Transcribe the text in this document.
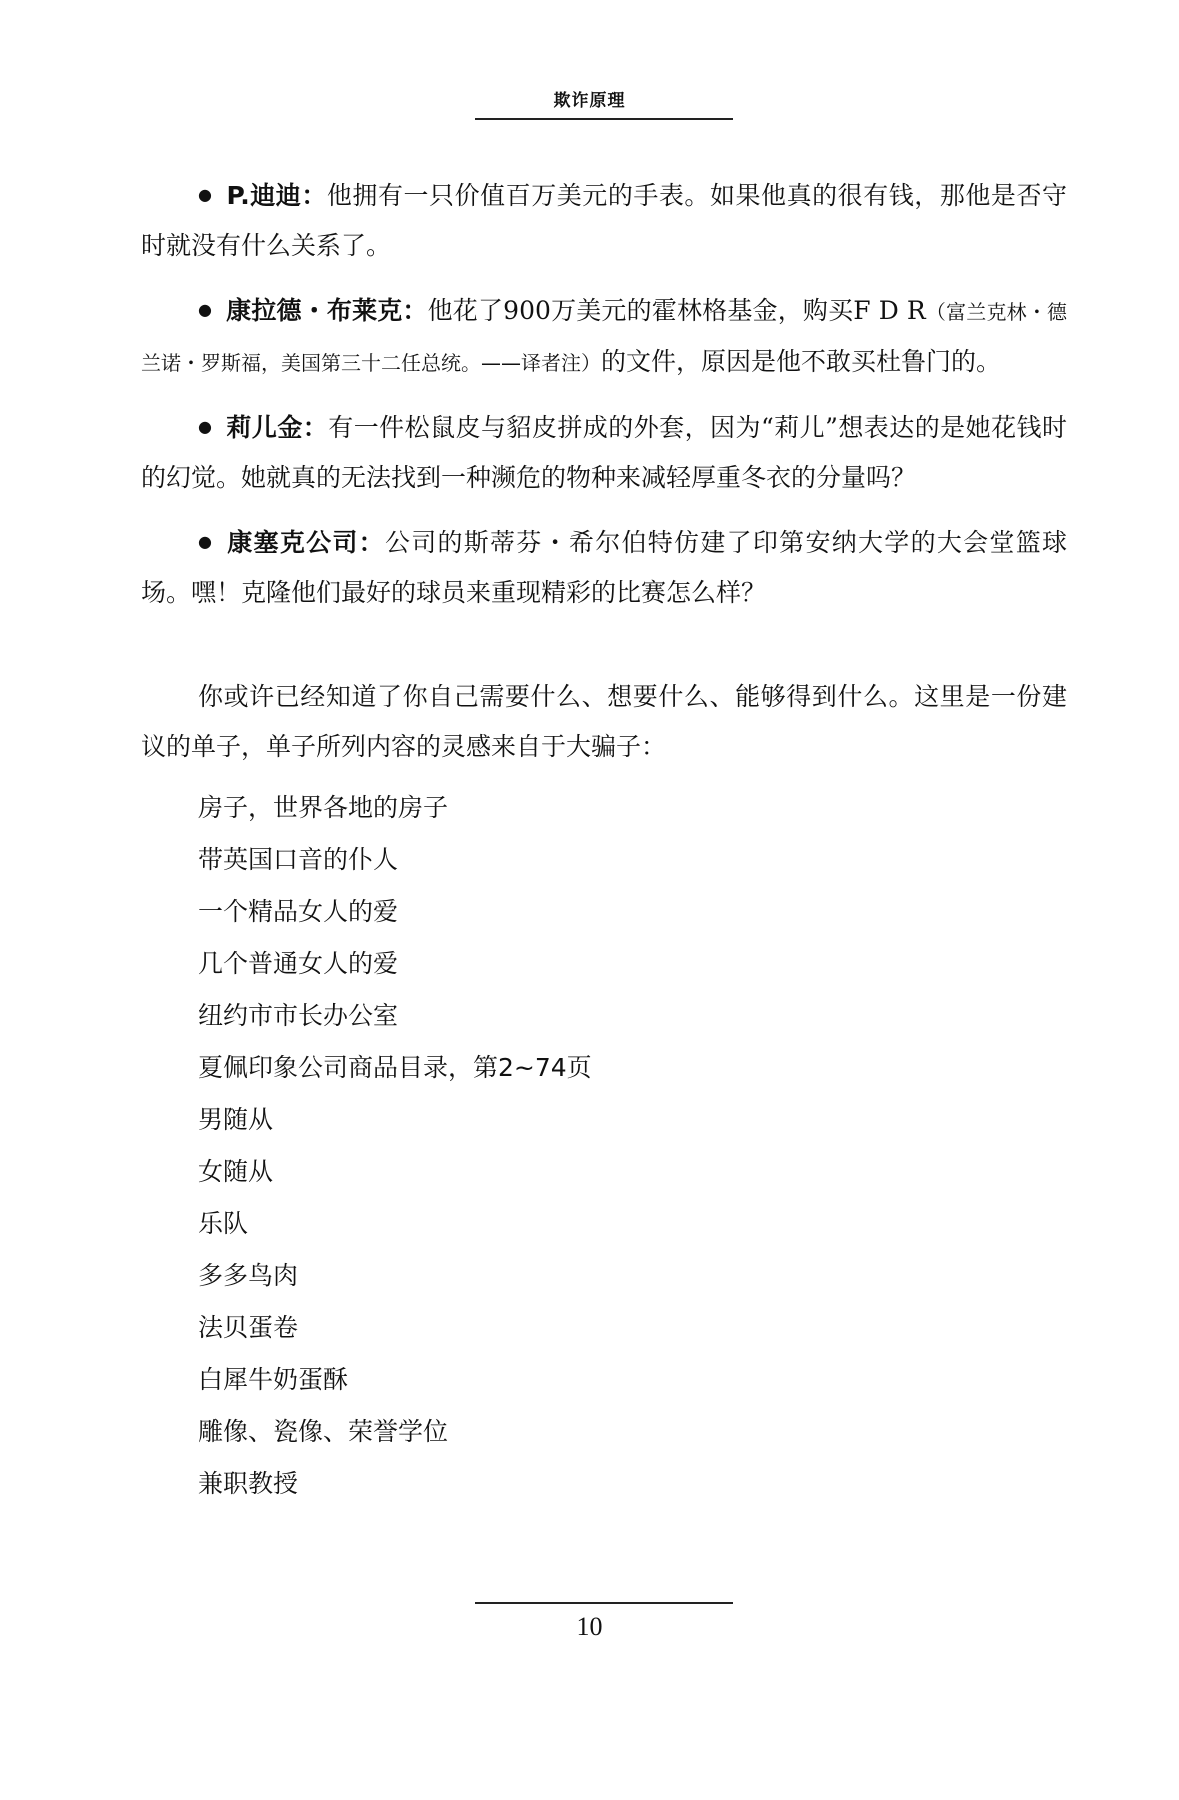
欺诈原理

● P.迪迪：他拥有一只价值百万美元的手表。如果他真的很有钱，那他是否守时就没有什么关系了。

● 康拉德・布莱克：他花了900万美元的霍林格基金，购买F D R（富兰克林・德兰诺・罗斯福，美国第三十二任总统。——译者注）的文件，原因是他不敢买杜鲁门的。

● 莉儿金：有一件松鼠皮与貂皮拼成的外套，因为“莉儿”想表达的是她花钱时的幻觉。她就真的无法找到一种濒危的物种来减轻厚重冬衣的分量吗？

● 康塞克公司：公司的斯蒂芬・希尔伯特仿建了印第安纳大学的大会堂篮球场。嘿！克隆他们最好的球员来重现精彩的比赛怎么样？

你或许已经知道了你自己需要什么、想要什么、能够得到什么。这里是一份建议的单子，单子所列内容的灵感来自于大骗子：

房子，世界各地的房子
带英国口音的仆人
一个精品女人的爱
几个普通女人的爱
纽约市市长办公室
夏佩印象公司商品目录，第2~74页
男随从
女随从
乐队
多多鸟肉
法贝蛋卷
白犀牛奶蛋酥
雕像、瓷像、荣誉学位
兼职教授
10
